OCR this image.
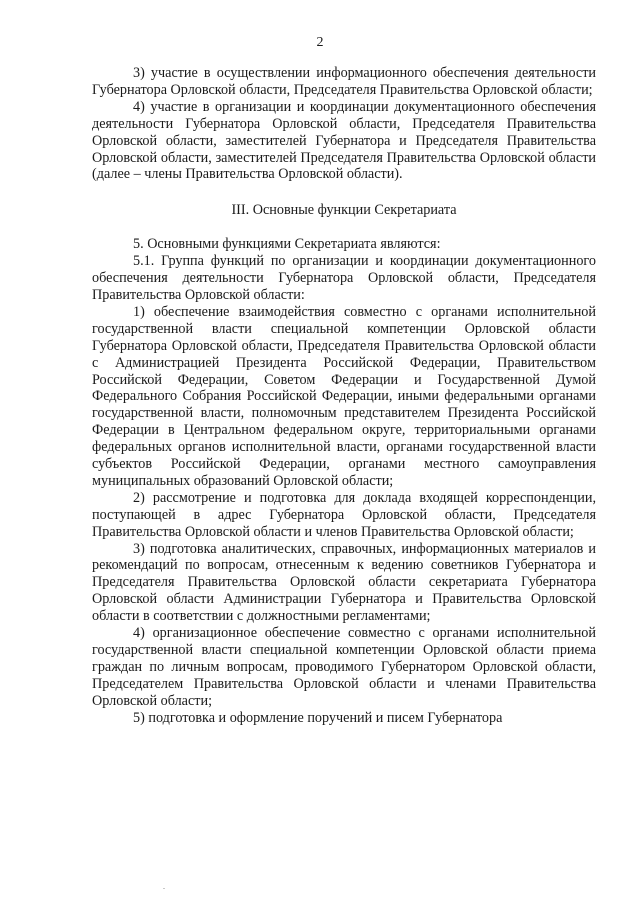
2

3) участие в осуществлении информационного обеспечения деятельности Губернатора Орловской области, Председателя Правительства Орловской области;

4) участие в организации и координации документационного обеспечения деятельности Губернатора Орловской области, Председателя Правительства Орловской области, заместителей Губернатора и Председателя Правительства Орловской области, заместителей Председателя Правительства Орловской области (далее – члены Правительства Орловской области).

III. Основные функции Секретариата

5. Основными функциями Секретариата являются:

5.1. Группа функций по организации и координации документационного обеспечения деятельности Губернатора Орловской области, Председателя Правительства Орловской области:

1) обеспечение взаимодействия совместно с органами исполнительной государственной власти специальной компетенции Орловской области Губернатора Орловской области, Председателя Правительства Орловской области с Администрацией Президента Российской Федерации, Правительством Российской Федерации, Советом Федерации и Государственной Думой Федерального Собрания Российской Федерации, иными федеральными органами государственной власти, полномочным представителем Президента Российской Федерации в Центральном федеральном округе, территориальными органами федеральных органов исполнительной власти, органами государственной власти субъектов Российской Федерации, органами местного самоуправления муниципальных образований Орловской области;

2) рассмотрение и подготовка для доклада входящей корреспонденции, поступающей в адрес Губернатора Орловской области, Председателя Правительства Орловской области и членов Правительства Орловской области;

3) подготовка аналитических, справочных, информационных материалов и рекомендаций по вопросам, отнесенным к ведению советников Губернатора и Председателя Правительства Орловской области секретариата Губернатора Орловской области Администрации Губернатора и Правительства Орловской области в соответствии с должностными регламентами;

4) организационное обеспечение совместно с органами исполнительной государственной власти специальной компетенции Орловской области приема граждан по личным вопросам, проводимого Губернатором Орловской области, Председателем Правительства Орловской области и членами Правительства Орловской области;

5) подготовка и оформление поручений и писем Губернатора
